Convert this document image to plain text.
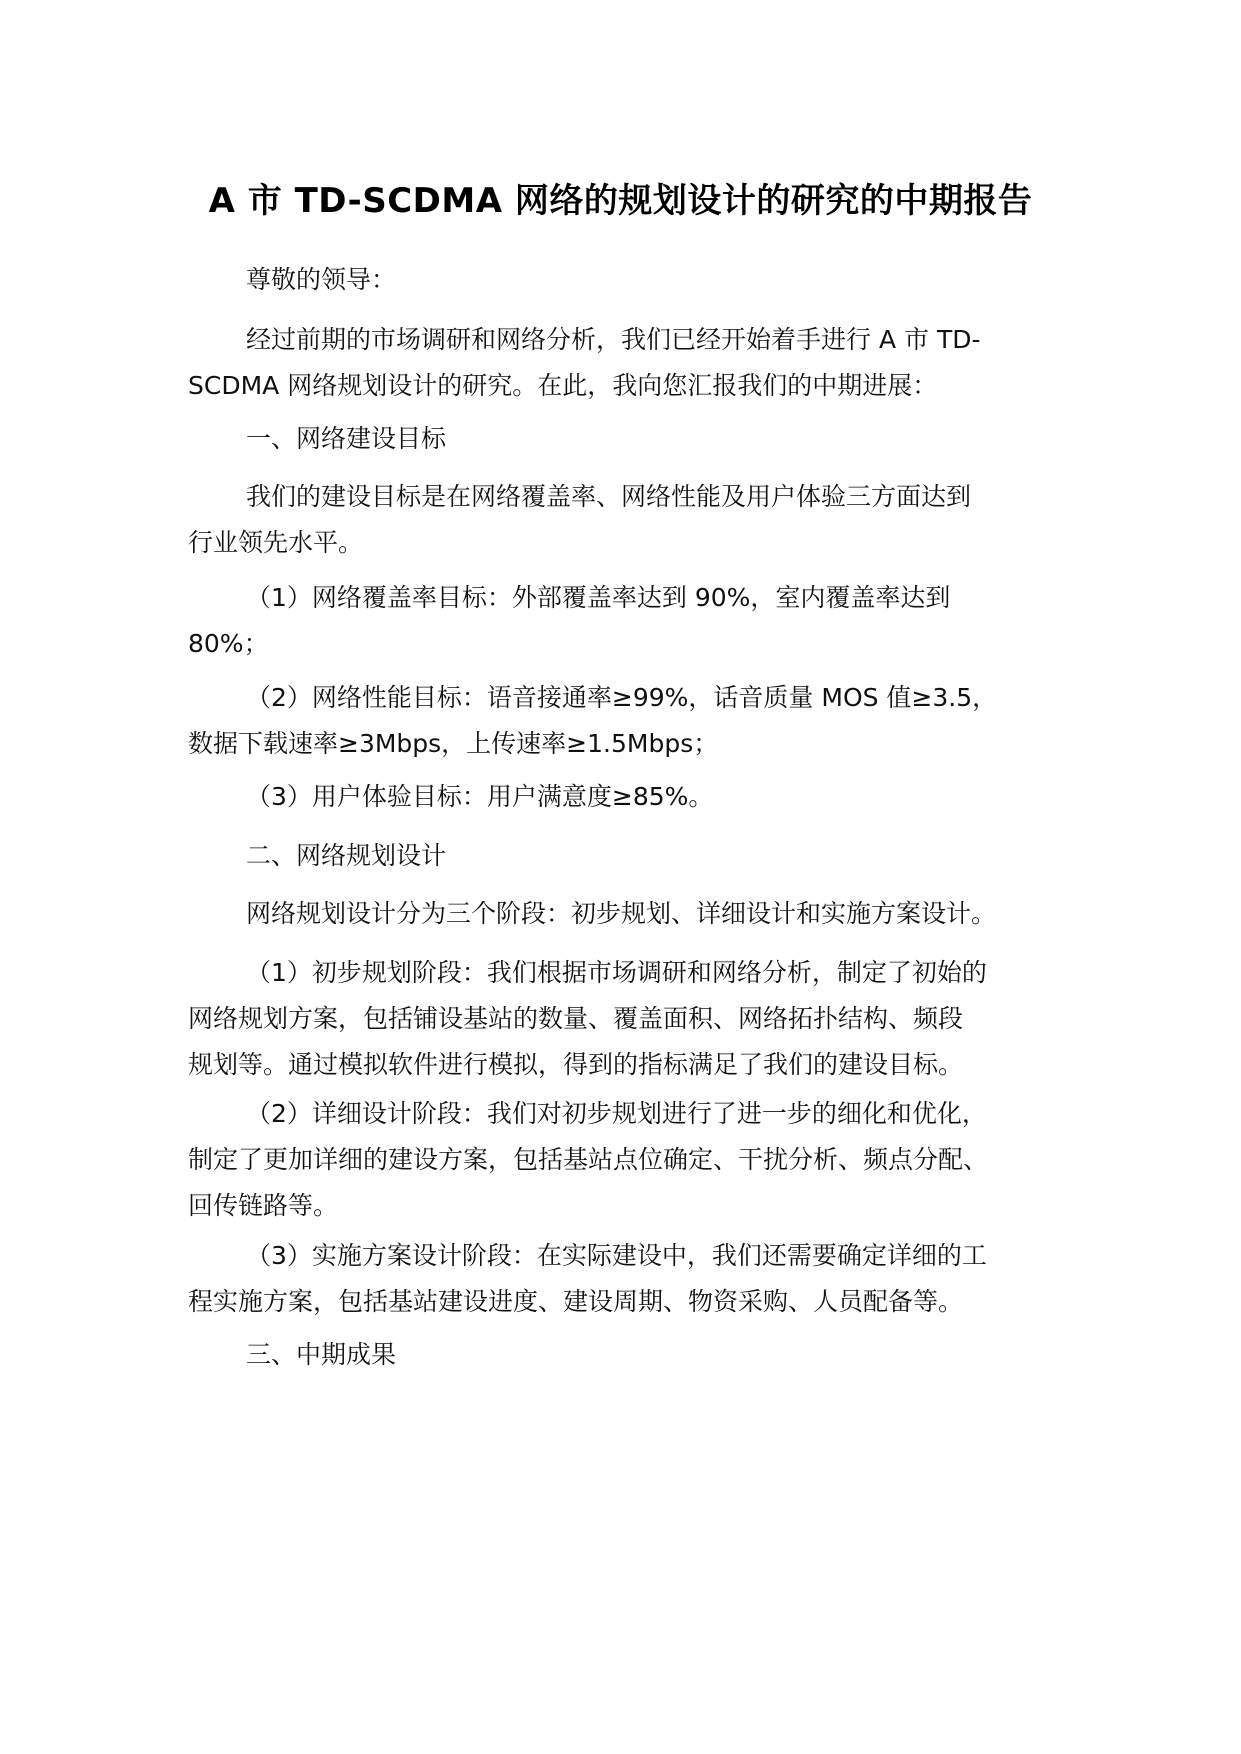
A 市 TD-SCDMA 网络的规划设计的研究的中期报告
尊敬的领导：
经过前期的市场调研和网络分析，我们已经开始着手进行 A 市 TD-
SCDMA 网络规划设计的研究。在此，我向您汇报我们的中期进展：
一、网络建设目标
我们的建设目标是在网络覆盖率、网络性能及用户体验三方面达到
行业领先水平。
（1）网络覆盖率目标：外部覆盖率达到 90%，室内覆盖率达到
80%；
（2）网络性能目标：语音接通率≥99%，话音质量 MOS 值≥3.5，
数据下载速率≥3Mbps，上传速率≥1.5Mbps；
（3）用户体验目标：用户满意度≥85%。
二、网络规划设计
网络规划设计分为三个阶段：初步规划、详细设计和实施方案设计。
（1）初步规划阶段：我们根据市场调研和网络分析，制定了初始的
网络规划方案，包括铺设基站的数量、覆盖面积、网络拓扑结构、频段
规划等。通过模拟软件进行模拟，得到的指标满足了我们的建设目标。
（2）详细设计阶段：我们对初步规划进行了进一步的细化和优化，
制定了更加详细的建设方案，包括基站点位确定、干扰分析、频点分配、
回传链路等。
（3）实施方案设计阶段：在实际建设中，我们还需要确定详细的工
程实施方案，包括基站建设进度、建设周期、物资采购、人员配备等。
三、中期成果
